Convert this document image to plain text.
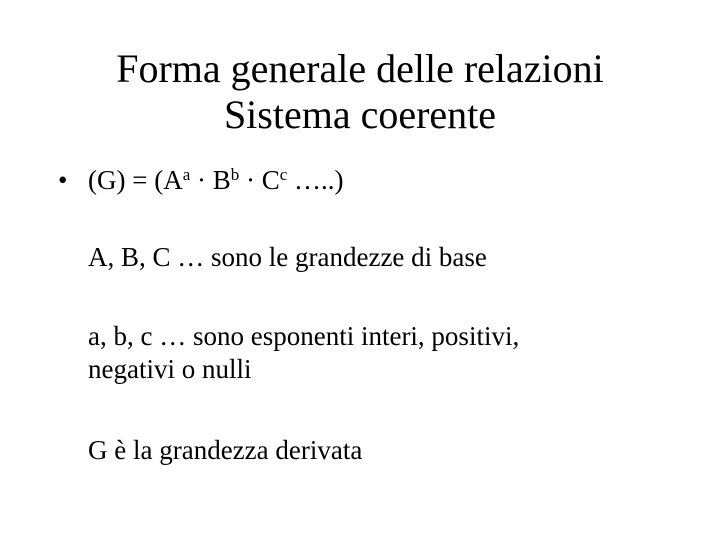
Forma generale delle relazioni
Sistema coerente
• $(G) = (A^a \cdot B^b \cdot C^c$ …..)
A, B, C … sono le grandezze di base
a, b, c … sono esponenti interi, positivi,
negativi o nulli
G è la grandezza derivata
